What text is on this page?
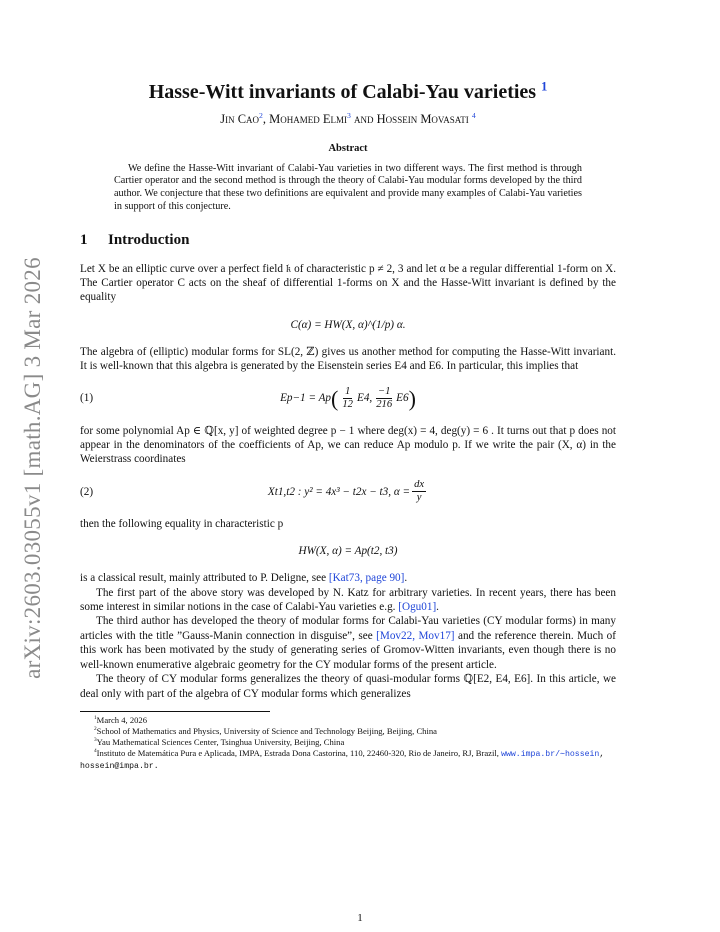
arXiv:2603.03055v1 [math.AG] 3 Mar 2026
Hasse-Witt invariants of Calabi-Yau varieties $^1$
Jin Cao$^2$, Mohamed Elmi$^3$ and Hossein Movasati $^4$
Abstract

We define the Hasse-Witt invariant of Calabi-Yau varieties in two different ways. The first method is through Cartier operator and the second method is through the theory of Calabi-Yau modular forms developed by the third author. We conjecture that these two definitions are equivalent and provide many examples of Calabi-Yau varieties in support of this conjecture.

1 Introduction

Let X be an elliptic curve over a perfect field 𝔨 of characteristic p ≠ 2, 3 and let α be a regular differential 1-form on X. The Cartier operator C acts on the sheaf of differential 1-forms on X and the Hasse-Witt invariant is defined by the equality

C(α) = HW(X, α)^(1/p) α.

The algebra of (elliptic) modular forms for SL(2, ℤ) gives us another method for computing the Hasse-Witt invariant. It is well-known that this algebra is generated by the Eisenstein series E4 and E6. In particular, this implies that

(1)	Ep−1 = Ap ( $\frac{1}{12} E4$, $\frac{-1}{216} E6$ )

for some polynomial Ap ∈ ℚ[x, y] of weighted degree p − 1 where deg(x) = 4, deg(y) = 6 . It turns out that p does not appear in the denominators of the coefficients of Ap, we can reduce Ap modulo p. If we write the pair (X, α) in the Weierstrass coordinates

(2)	Xt1,t2 : y² = 4x³ − t2x − t3, $\alpha = \frac{dx}{y}$

then the following equality in characteristic p

HW(X, α) = Ap(t2, t3)

is a classical result, mainly attributed to P. Deligne, see [Kat73, page 90].

The first part of the above story was developed by N. Katz for arbitrary varieties. In recent years, there has been some interest in similar notions in the case of Calabi-Yau varieties e.g. [Ogu01].

The third author has developed the theory of modular forms for Calabi-Yau varieties (CY modular forms) in many articles with the title ”Gauss-Manin connection in disguise”, see [Mov22, Mov17] and the reference therein. Much of this work has been motivated by the study of generating series of Gromov-Witten invariants, even though there is no well-known enumerative algebraic geometry for the CY modular forms of the present article.

The theory of CY modular forms generalizes the theory of quasi-modular forms ℚ[E2, E4, E6]. In this article, we deal only with part of the algebra of CY modular forms which generalizes

$^1$March 4, 2026
$^2$School of Mathematics and Physics, University of Science and Technology Beijing, Beijing, China
$^3$Yau Mathematical Sciences Center, Tsinghua University, Beijing, China
$^4$Instituto de Matemática Pura e Aplicada, IMPA, Estrada Dona Castorina, 110, 22460-320, Rio de Janeiro, RJ, Brazil, www.impa.br/∼hossein, hossein@impa.br.
1
